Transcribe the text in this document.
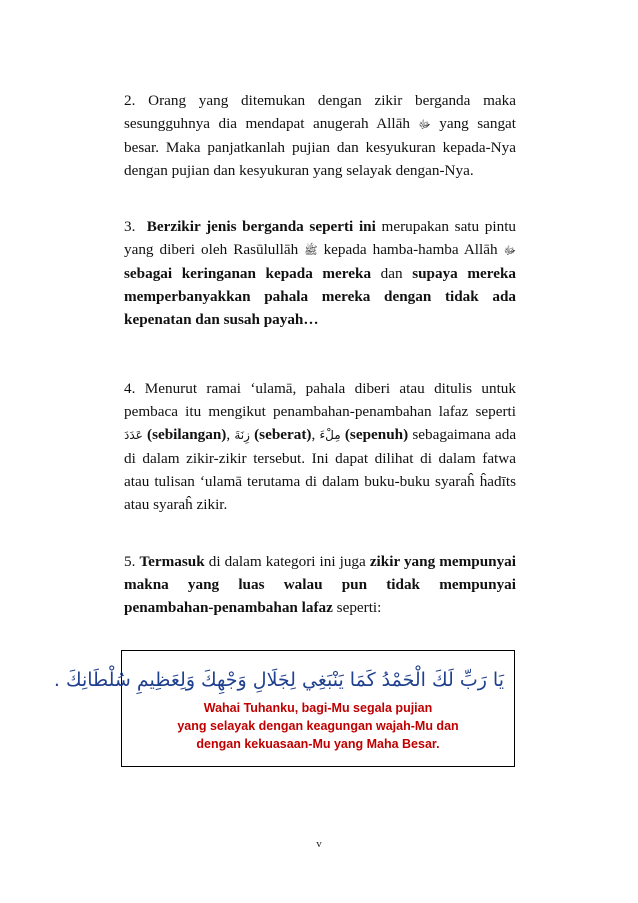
2. Orang yang ditemukan dengan zikir berganda maka sesungguhnya dia mendapat anugerah Allāh ﷻ yang sangat besar. Maka panjatkanlah pujian dan kesyukuran kepada-Nya dengan pujian dan kesyukuran yang selayak dengan-Nya.

3. Berzikir jenis berganda seperti ini merupakan satu pintu yang diberi oleh Rasūlullāh ﷺ kepada hamba-hamba Allāh ﷻ sebagai keringanan kepada mereka dan supaya mereka memperbanyakkan pahala mereka dengan tidak ada kepenatan dan susah payah…

4. Menurut ramai ‘ulamā, pahala diberi atau ditulis untuk pembaca itu mengikut penambahan-penambahan lafaz seperti عَدَدَ (sebilangan), زِنَةَ (seberat), مِلْءَ (sepenuh) sebagaimana ada di dalam zikir-zikir tersebut. Ini dapat dilihat di dalam fatwa atau tulisan ‘ulamā terutama di dalam buku-buku syaraĥ ĥadīts atau syaraĥ zikir.

5. Termasuk di dalam kategori ini juga zikir yang mempunyai makna yang luas walau pun tidak mempunyai penambahan-penambahan lafaz seperti:

يَا رَبِّ لَكَ الْحَمْدُ كَمَا يَنْبَغِي لِجَلَالِ وَجْهِكَ وَلِعَظِيمِ سُلْطَانِكَ .
Wahai Tuhanku, bagi-Mu segala pujian
yang selayak dengan keagungan wajah-Mu dan
dengan kekuasaan-Mu yang Maha Besar.
v
